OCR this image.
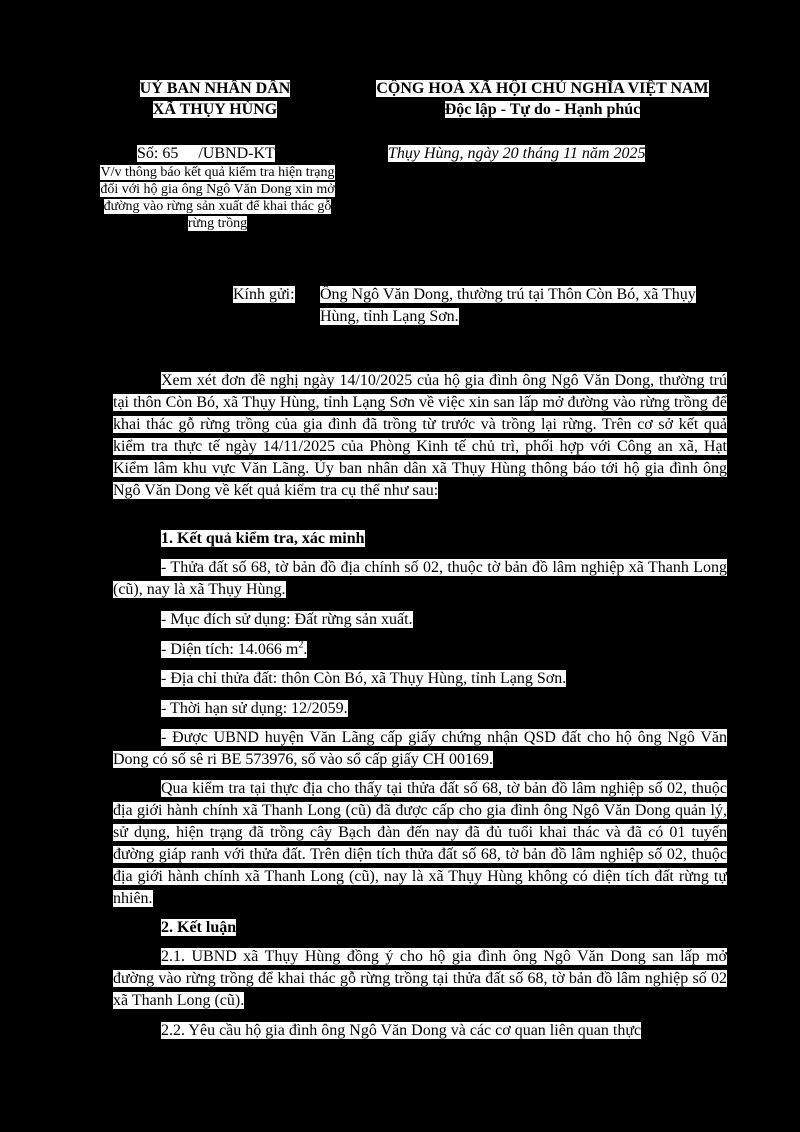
UỶ BAN NHÂN DÂN
XÃ THỤY HÙNG
CỘNG HOÀ XÃ HỘI CHỦ NGHĨA VIỆT NAM
Độc lập - Tự do - Hạnh phúc
Số: 65     /UBND-KT	Thụy Hùng, ngày 20 tháng 11 năm 2025
V/v thông báo kết quả kiểm tra hiện trạng đối với hộ gia ông Ngô Văn Dong xin mở đường vào rừng sản xuất để khai thác gỗ rừng trồng
Kính gửi: Ông Ngô Văn Dong, thường trú tại Thôn Còn Bó, xã Thụy Hùng, tỉnh Lạng Sơn.
Xem xét đơn đề nghị ngày 14/10/2025 của hộ gia đình ông Ngô Văn Dong, thường trú tại thôn Còn Bó, xã Thụy Hùng, tỉnh Lạng Sơn về việc xin san lấp mở đường vào rừng trồng để khai thác gỗ rừng trồng của gia đình đã trồng từ trước và trồng lại rừng. Trên cơ sở kết quả kiểm tra thực tế ngày 14/11/2025 của Phòng Kinh tế chủ trì, phối hợp với Công an xã, Hạt Kiểm lâm khu vực Văn Lãng. Ủy ban nhân dân xã Thụy Hùng thông báo tới hộ gia đình ông Ngô Văn Dong về kết quả kiểm tra cụ thể như sau:
1. Kết quả kiểm tra, xác minh
- Thửa đất số 68, tờ bản đồ địa chính số 02, thuộc tờ bản đồ lâm nghiệp xã Thanh Long (cũ), nay là xã Thụy Hùng.
- Mục đích sử dụng: Đất rừng sản xuất.
- Diện tích: 14.066 $m^2$.
- Địa chỉ thửa đất: thôn Còn Bó, xã Thụy Hùng, tỉnh Lạng Sơn.
- Thời hạn sử dụng: 12/2059.
- Được UBND huyện Văn Lãng cấp giấy chứng nhận QSD đất cho hộ ông Ngô Văn Dong có số sê ri BE 573976, số vào sổ cấp giấy CH 00169.
Qua kiểm tra tại thực địa cho thấy tại thửa đất số 68, tờ bản đồ lâm nghiệp số 02, thuộc địa giới hành chính xã Thanh Long (cũ) đã được cấp cho gia đình ông Ngô Văn Dong quản lý, sử dụng, hiện trạng đã trồng cây Bạch đàn đến nay đã đủ tuổi khai thác và đã có 01 tuyến đường giáp ranh với thửa đất. Trên diện tích thửa đất số 68, tờ bản đồ lâm nghiệp số 02, thuộc địa giới hành chính xã Thanh Long (cũ), nay là xã Thụy Hùng không có diện tích đất rừng tự nhiên.
2. Kết luận
2.1. UBND xã Thụy Hùng đồng ý cho hộ gia đình ông Ngô Văn Dong san lấp mở đường vào rừng trồng để khai thác gỗ rừng trồng tại thửa đất số 68, tờ bản đồ lâm nghiệp số 02 xã Thanh Long (cũ).
2.2. Yêu cầu hộ gia đình ông Ngô Văn Dong và các cơ quan liên quan thực
